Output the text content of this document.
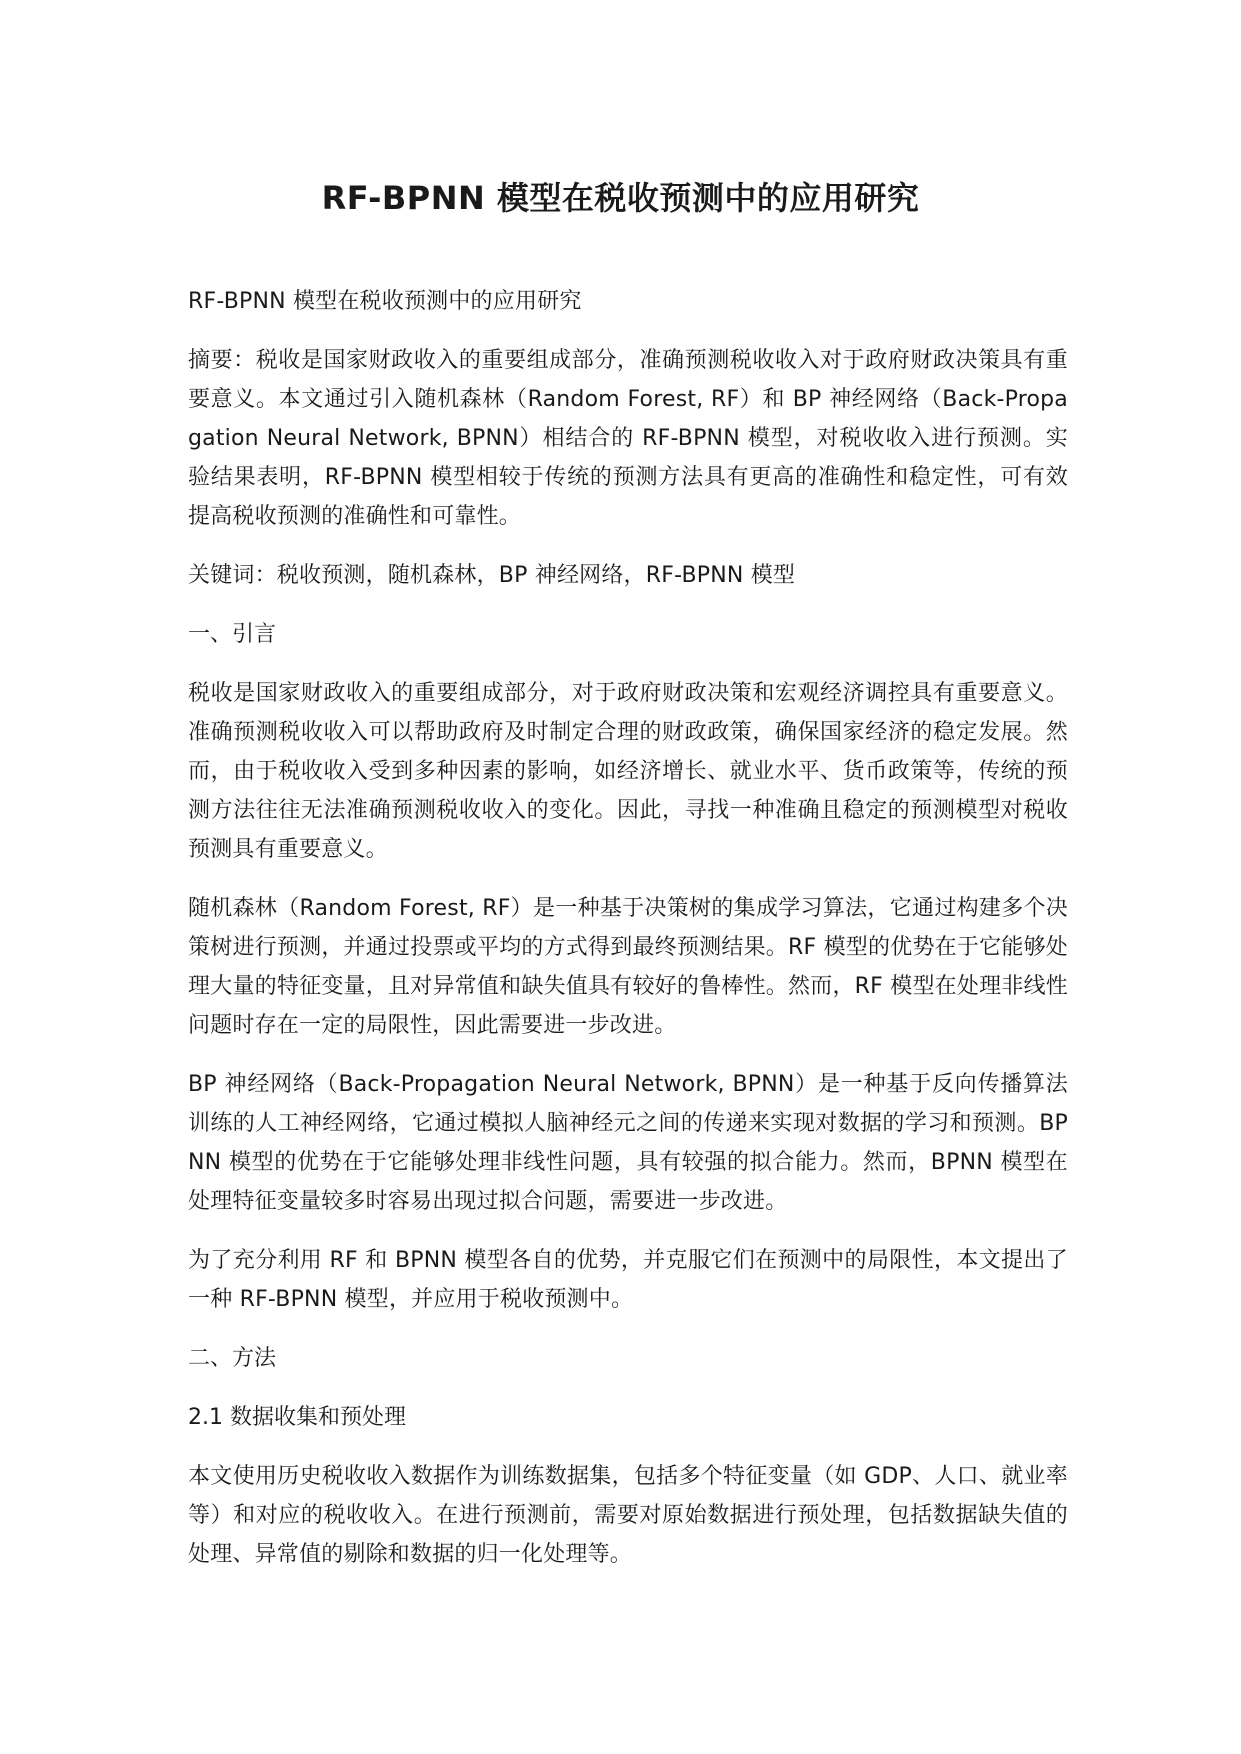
RF-BPNN 模型在税收预测中的应用研究

RF-BPNN 模型在税收预测中的应用研究

摘要：税收是国家财政收入的重要组成部分，准确预测税收收入对于政府财政决策具有重要意义。本文通过引入随机森林（Random Forest, RF）和 BP 神经网络（Back-Propagation Neural Network, BPNN）相结合的 RF-BPNN 模型，对税收收入进行预测。实验结果表明，RF-BPNN 模型相较于传统的预测方法具有更高的准确性和稳定性，可有效提高税收预测的准确性和可靠性。

关键词：税收预测，随机森林，BP 神经网络，RF-BPNN 模型

一、引言

税收是国家财政收入的重要组成部分，对于政府财政决策和宏观经济调控具有重要意义。准确预测税收收入可以帮助政府及时制定合理的财政政策，确保国家经济的稳定发展。然而，由于税收收入受到多种因素的影响，如经济增长、就业水平、货币政策等，传统的预测方法往往无法准确预测税收收入的变化。因此，寻找一种准确且稳定的预测模型对税收预测具有重要意义。

随机森林（Random Forest, RF）是一种基于决策树的集成学习算法，它通过构建多个决策树进行预测，并通过投票或平均的方式得到最终预测结果。RF 模型的优势在于它能够处理大量的特征变量，且对异常值和缺失值具有较好的鲁棒性。然而，RF 模型在处理非线性问题时存在一定的局限性，因此需要进一步改进。

BP 神经网络（Back-Propagation Neural Network, BPNN）是一种基于反向传播算法训练的人工神经网络，它通过模拟人脑神经元之间的传递来实现对数据的学习和预测。BPNN 模型的优势在于它能够处理非线性问题，具有较强的拟合能力。然而，BPNN 模型在处理特征变量较多时容易出现过拟合问题，需要进一步改进。

为了充分利用 RF 和 BPNN 模型各自的优势，并克服它们在预测中的局限性，本文提出了一种 RF-BPNN 模型，并应用于税收预测中。

二、方法

2.1 数据收集和预处理

本文使用历史税收收入数据作为训练数据集，包括多个特征变量（如 GDP、人口、就业率等）和对应的税收收入。在进行预测前，需要对原始数据进行预处理，包括数据缺失值的处理、异常值的剔除和数据的归一化处理等。
